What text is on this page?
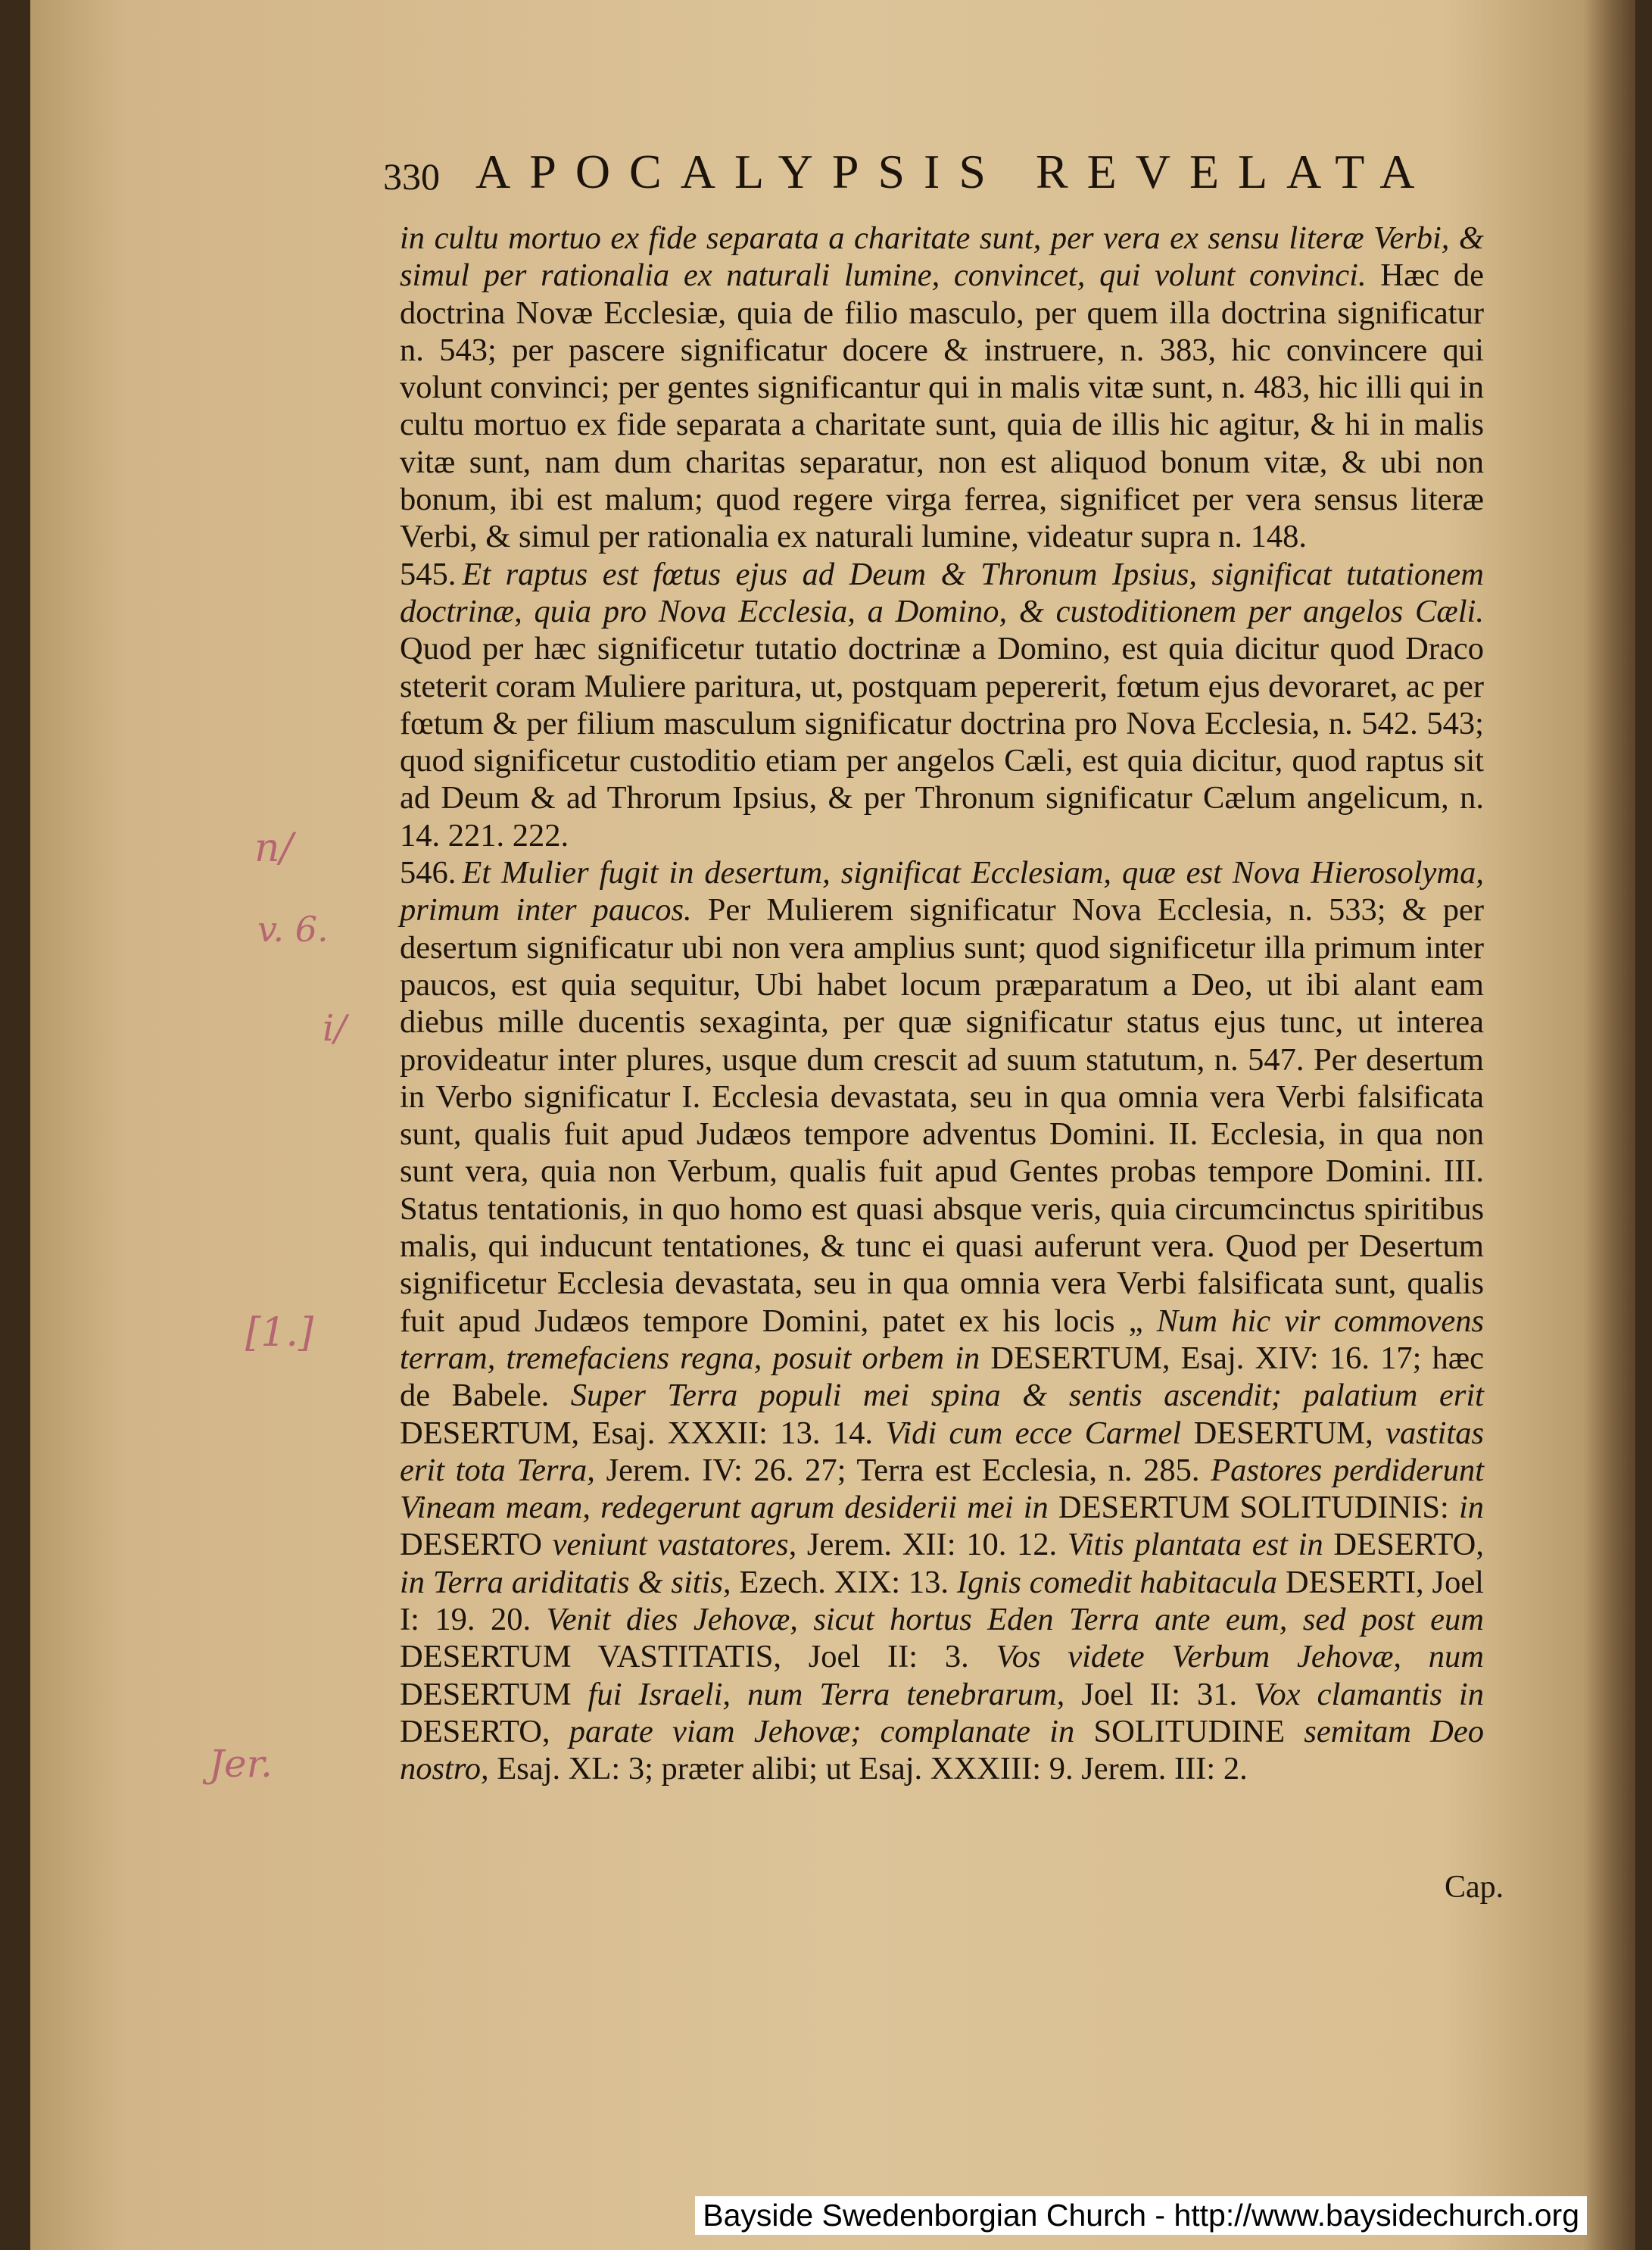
330 APOCALYPSIS REVELATA

in cultu mortuo ex fide separata a charitate sunt, per vera ex sensu literæ Verbi, & simul per rationalia ex naturali lumine, convincet, qui volunt convinci. Hæc de doctrina Novæ Ecclesiæ, quia de filio masculo, per quem illa doctrina significatur n. 543; per pascere significatur docere & instruere, n. 383, hic convincere qui volunt convinci; per gentes significantur qui in malis vitæ sunt, n. 483, hic illi qui in cultu mortuo ex fide separata a charitate sunt, quia de illis hic agitur, & hi in malis vitæ sunt, nam dum charitas separatur, non est aliquod bonum vitæ, & ubi non bonum, ibi est malum; quod regere virga ferrea, significet per vera sensus literæ Verbi, & simul per rationalia ex naturali lumine, videatur supra n. 148.

545. Et raptus est fœtus ejus ad Deum & Thronum Ipsius, significat tutationem doctrinæ, quia pro Nova Ecclesia, a Domino, & custoditionem per angelos Cæli. Quod per hæc significetur tutatio doctrinæ a Domino, est quia dicitur quod Draco steterit coram Muliere paritura, ut, postquam pepererit, fœtum ejus devoraret, ac per fœtum & per filium masculum significatur doctrina pro Nova Ecclesia, n. 542. 543; quod significetur custoditio etiam per angelos Cæli, est quia dicitur, quod raptus sit ad Deum & ad Throrum Ipsius, & per Thronum significatur Cælum angelicum, n. 14. 221. 222.

546. Et Mulier fugit in desertum, significat Ecclesiam, quæ est Nova Hierosolyma, primum inter paucos. Per Mulierem significatur Nova Ecclesia, n. 533; & per desertum significatur ubi non vera amplius sunt; quod significetur illa primum inter paucos, est quia sequitur, Ubi habet locum præparatum a Deo, ut ibi alant eam diebus mille ducentis sexaginta, per quæ significatur status ejus tunc, ut interea provideatur inter plures, usque dum crescit ad suum statutum, n. 547. Per desertum in Verbo significatur I. Ecclesia devastata, seu in qua omnia vera Verbi falsificata sunt, qualis fuit apud Judæos tempore adventus Domini. II. Ecclesia, in qua non sunt vera, quia non Verbum, qualis fuit apud Gentes probas tempore Domini. III. Status tentationis, in quo homo est quasi absque veris, quia circumcinctus spiritibus malis, qui inducunt tentationes, & tunc ei quasi auferunt vera. Quod per Desertum significetur Ecclesia devastata, seu in qua omnia vera Verbi falsificata sunt, qualis fuit apud Judæos tempore Domini, patet ex his locis „ Num hic vir commovens terram, tremefaciens regna, posuit orbem in DESERTUM, Esaj. XIV: 16. 17; hæc de Babele. Super Terra populi mei spina & sentis ascendit; palatium erit DESERTUM, Esaj. XXXII: 13. 14. Vidi cum ecce Carmel DESERTUM, vastitas erit tota Terra, Jerem. IV: 26. 27; Terra est Ecclesia, n. 285. Pastores perdiderunt Vineam meam, redegerunt agrum desiderii mei in DESERTUM SOLITUDINIS: in DESERTO veniunt vastatores, Jerem. XII: 10. 12. Vitis plantata est in DESERTO, in Terra ariditatis & sitis, Ezech. XIX: 13. Ignis comedit habitacula DESERTI, Joel I: 19. 20. Venit dies Jehovæ, sicut hortus Eden Terra ante eum, sed post eum DESERTUM VASTITATIS, Joel II: 3. Vos videte Verbum Jehovæ, num DESERTUM fui Israeli, num Terra tenebrarum, Joel II: 31. Vox clamantis in DESERTO, parate viam Jehovæ; complanate in SOLITUDINE semitam Deo nostro, Esaj. XL: 3; præter alibi; ut Esaj. XXXIII: 9. Jerem. III: 2.

Cap.
n/
v. 6.
i/
[1.]
Jer.
Bayside Swedenborgian Church - http://www.baysidechurch.org
